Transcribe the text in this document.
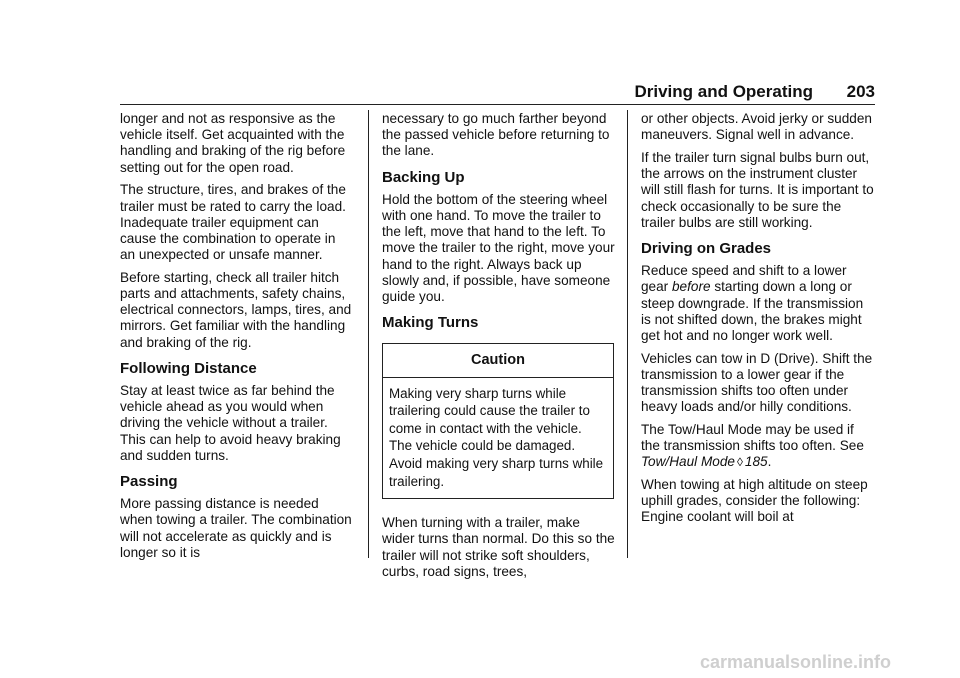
Driving and Operating 203

longer and not as responsive as the vehicle itself. Get acquainted with the handling and braking of the rig before setting out for the open road.

The structure, tires, and brakes of the trailer must be rated to carry the load. Inadequate trailer equipment can cause the combination to operate in an unexpected or unsafe manner.

Before starting, check all trailer hitch parts and attachments, safety chains, electrical connectors, lamps, tires, and mirrors. Get familiar with the handling and braking of the rig.

Following Distance

Stay at least twice as far behind the vehicle ahead as you would when driving the vehicle without a trailer. This can help to avoid heavy braking and sudden turns.

Passing

More passing distance is needed when towing a trailer. The combination will not accelerate as quickly and is longer so it is

necessary to go much farther beyond the passed vehicle before returning to the lane.

Backing Up

Hold the bottom of the steering wheel with one hand. To move the trailer to the left, move that hand to the left. To move the trailer to the right, move your hand to the right. Always back up slowly and, if possible, have someone guide you.

Making Turns
Caution
Making very sharp turns while trailering could cause the trailer to come in contact with the vehicle. The vehicle could be damaged. Avoid making very sharp turns while trailering.

When turning with a trailer, make wider turns than normal. Do this so the trailer will not strike soft shoulders, curbs, road signs, trees,

or other objects. Avoid jerky or sudden maneuvers. Signal well in advance.

If the trailer turn signal bulbs burn out, the arrows on the instrument cluster will still flash for turns. It is important to check occasionally to be sure the trailer bulbs are still working.

Driving on Grades

Reduce speed and shift to a lower gear before starting down a long or steep downgrade. If the transmission is not shifted down, the brakes might get hot and no longer work well.

Vehicles can tow in D (Drive). Shift the transmission to a lower gear if the transmission shifts too often under heavy loads and/or hilly conditions.

The Tow/Haul Mode may be used if the transmission shifts too often. See Tow/Haul Mode ◊ 185.

When towing at high altitude on steep uphill grades, consider the following: Engine coolant will boil at

carmanualsonline.info
